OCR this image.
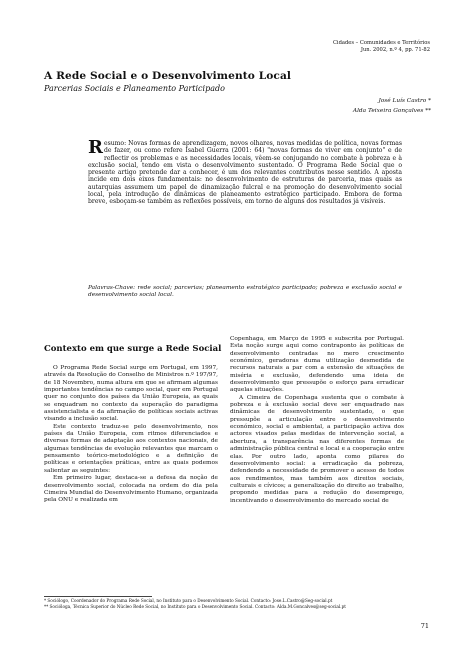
Cidades – Comunidades e Territórios
Jun. 2002, n.º 4, pp. 71-82
A Rede Social e o Desenvolvimento Local
Parcerias Sociais e Planeamento Participado
José Luís Castro *
Alda Teixeira Gonçalves **

Resumo: Novas formas de aprendizagem, novos olhares, novas medidas de política, novas formas de fazer, ou como refere Isabel Guerra (2001: 64) "novas formas de viver em conjunto" e de reflectir os problemas e as necessidades locais, vêem-se conjugando no combate à pobreza e à exclusão social, tendo em vista o desenvolvimento sustentado. O Programa Rede Social que o presente artigo pretende dar a conhecer, é um dos relevantes contributos nesse sentido. A aposta incide em dois eixos fundamentais: no desenvolvimento de estruturas de parceria, mas quais as autarquias assumem um papel de dinamização fulcral e na promoção do desenvolvimento social local, pela introdução de dinâmicas de planeamento estratégico participado. Embora de forma breve, esboçam-se também as reflexões possíveis, em torno de alguns dos resultados já visíveis.

Palavras-Chave: rede social; parcerias; planeamento estratégico participado; pobreza e exclusão social e desenvolvimento social local.
Contexto em que surge a Rede Social

O Programa Rede Social surge em Portugal, em 1997, através da Resolução do Conselho de Ministros n.º 197/97, de 18 Novembro, numa altura em que se afirmam algumas importantes tendências no campo social, quer em Portugal quer no conjunto dos países da União Europeia, as quais se enquadram no contexto da superação do paradigma assistencialista e da afirmação de políticas sociais activas visando a inclusão social.

Este contexto traduz-se pelo desenvolvimento, nos países da União Europeia, com ritmos diferenciados e diversas formas de adaptação aos contextos nacionais, de algumas tendências de evolução relevantes que marcam o pensamento teórico-metodológico e a definição de políticas e orientações práticas, entre as quais podemos salientar as seguintes:

Em primeiro lugar, destaca-se a defesa da noção de desenvolvimento social, colocada na ordem do dia pela Cimeira Mundial do Desenvolvimento Humano, organizada pela ONU e realizada em

Copenhaga, em Março de 1995 e subscrita por Portugal. Esta noção surge aqui como contraponto às políticas de desenvolvimento centradas no mero crescimento económico, geradoras duma utilização desmedida de recursos naturais a par com a extensão de situações de miséria e exclusão, defendendo uma ideia de desenvolvimento que pressupõe o esforço para erradicar aquelas situações.

A Cimeira de Copenhaga sustenta que o combate à pobreza e à exclusão social deve ser enquadrado nas dinâmicas de desenvolvimento sustentado, o que pressupõe a articulação entre o desenvolvimento económico, social e ambiental, a participação activa dos actores visados pelas medidas de intervenção social, a abertura, a transparência nas diferentes formas de administração pública central e local e a cooperação entre elas. Por outro lado, aponta como pilares do desenvolvimento social: a erradicação da pobreza, defendendo a necessidade de promover o acesso de todos aos rendimentos, mas também aos direitos sociais, culturais e cívicos; a generalização do direito ao trabalho, propondo medidas para a redução do desemprego, incentivando o desenvolvimento do mercado social de

* Sociólogo, Coordenador do Programa Rede Social, no Instituto para o Desenvolvimento Social. Contacto: Jose.L.Castro@Seg-social.pt

** Socióloga, Técnica Superior do Núcleo Rede Social, no Instituto para o Desenvolvimento Social. Contacto: Alda.M.Goncalves@seg-social.pt

71
